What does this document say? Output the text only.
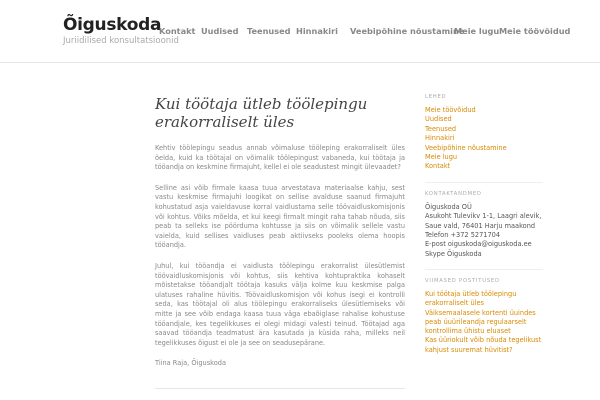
Õiguskoda
Juriidilised konsultatsioonid
Kontakt Uudised Teenused Hinnakiri Veebipõhine nõustamine
Meie lugu Meie töövõidud
Kui töötaja ütleb töölepingu erakorraliselt üles

Kehtiv töölepingu seadus annab võimaluse tööleping erakorraliselt üles öelda, kuid ka töötajal on võimalik töölepingust vabaneda, kui töötaja ja tööandja on keskmine firmajuht, kellel ei ole seadustest mingit ülevaadet?

Selline asi võib firmale kaasa tuua arvestatava materiaalse kahju, sest vastu keskmise firmajuhi loogikat on sellise avalduse saanud firmajuht kohustatud asja vaieldavuse korral vaidlustama selle töövaidluskomisjonis või kohtus. Võiks mõelda, et kui keegi firmalt mingit raha tahab nõuda, siis peab ta selleks ise pöörduma kohtusse ja siis on võimalik sellele vastu vaielda, kuid sellises vaidluses peab aktiivseks pooleks olema hoopis tööandja.

Juhul, kui tööandja ei vaidlusta töölepingu erakorralist ülesütlemist töövaidluskomisjonis või kohtus, siis kehtiva kohtupraktika kohaselt mõistetakse tööandjalt töötaja kasuks välja kolme kuu keskmise palga ulatuses rahaline hüvitis. Töövaidluskomisjon või kohus isegi ei kontrolli seda, kas töötajal oli alus töölepingu erakorraliseks ülesütlemiseks või mitte ja see võib endaga kaasa tuua väga ebaõiglase rahalise kohustuse tööandjale, kes tegelikkuses ei olegi midagi valesti teinud. Töötajad aga saavad tööandja teadmatust ära kasutada ja küsida raha, milleks neil tegelikkuses õigust ei ole ja see on seadusepärane.

Tiina Raja, Õiguskoda
LEHED
Meie töövõidud
Uudised
Teenused
Hinnakiri
Veebipõhine nõustamine
Meie lugu
Kontakt
KONTAKTANDMED
Õiguskoda OÜ
Asukoht Tulevikv 1-1, Laagri alevik, Saue vald, 76401 Harju maakond
Telefon +372 5271704
E-post oiguskoda@oiguskoda.ee
Skype Õiguskoda
VIIMASED POSTITUSED
Kui töötaja ütleb töölepingu erakorraliselt üles
Väiksemaalasele kortenti üuindes peab üuürileandja regulaarselt kontrollima ühistu eluaset
Kas üüriokult võib nõuda tegelikust kahjust suuremat hüvitist?
